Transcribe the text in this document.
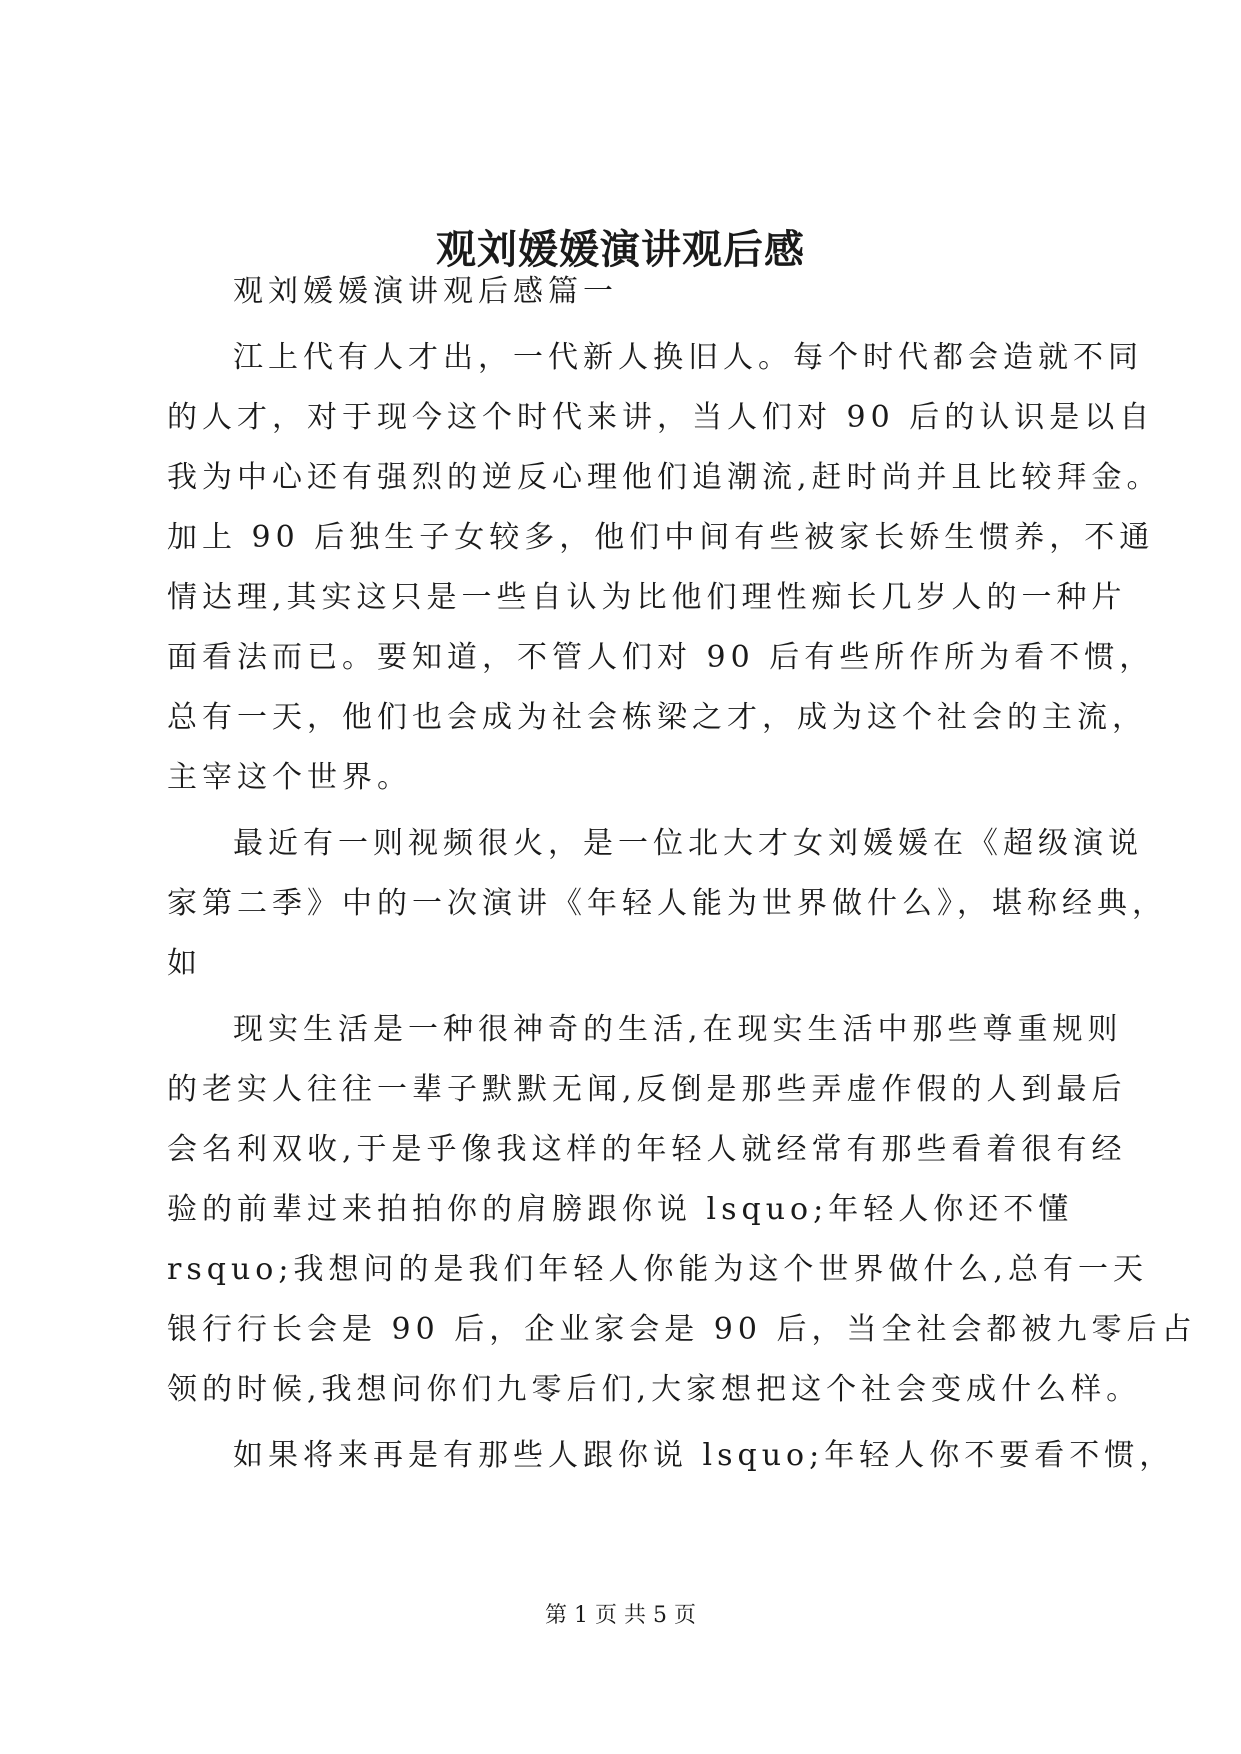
观刘媛媛演讲观后感
观刘媛媛演讲观后感篇一
江上代有人才出，一代新人换旧人。每个时代都会造就不同
的人才，对于现今这个时代来讲，当人们对 90 后的认识是以自
我为中心还有强烈的逆反心理他们追潮流,赶时尚并且比较拜金。
加上 90 后独生子女较多，他们中间有些被家长娇生惯养，不通
情达理,其实这只是一些自认为比他们理性痴长几岁人的一种片
面看法而已。要知道，不管人们对 90 后有些所作所为看不惯，
总有一天，他们也会成为社会栋梁之才，成为这个社会的主流，
主宰这个世界。
最近有一则视频很火，是一位北大才女刘媛媛在《超级演说
家第二季》中的一次演讲《年轻人能为世界做什么》，堪称经典，
如
现实生活是一种很神奇的生活,在现实生活中那些尊重规则
的老实人往往一辈子默默无闻,反倒是那些弄虚作假的人到最后
会名利双收,于是乎像我这样的年轻人就经常有那些看着很有经
验的前辈过来拍拍你的肩膀跟你说 lsquo;年轻人你还不懂
rsquo;我想问的是我们年轻人你能为这个世界做什么,总有一天
银行行长会是 90 后，企业家会是 90 后，当全社会都被九零后占
领的时候,我想问你们九零后们,大家想把这个社会变成什么样。
如果将来再是有那些人跟你说 lsquo;年轻人你不要看不惯，
第 1 页 共 5 页
